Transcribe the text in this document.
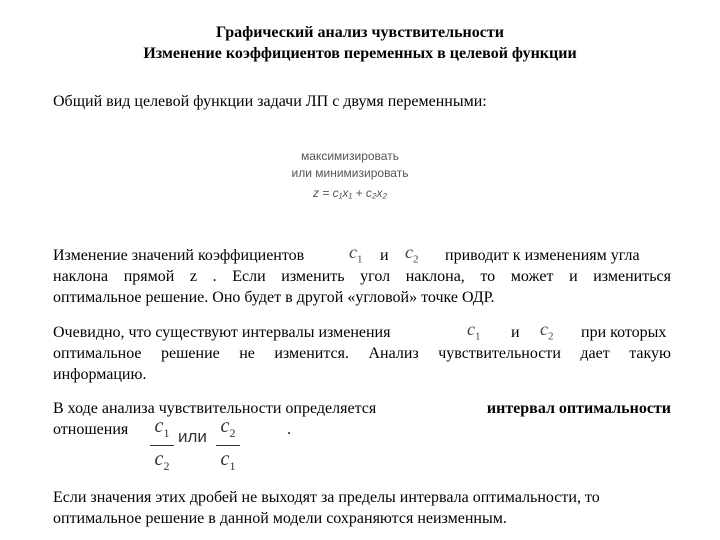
Графический анализ чувствительности
Изменение коэффициентов переменных в целевой функции
Общий вид целевой функции задачи ЛП с двумя переменными:
максимизировать
или минимизировать
z = c₁x₁ + c₂x₂
Изменение значений коэффициентов $c_1$ и $c_2$ приводит к изменениям угла
наклона прямой z . Если изменить угол наклона, то может и измениться
оптимальное решение. Оно будет в другой «угловой» точке ОДР.
Очевидно, что существуют интервалы изменения	$c_1$ и $c_2$ при которых
оптимальное решение не изменится. Анализ чувствительности дает такую
информацию.
В ходе анализа чувствительности определяется	интервал оптимальности
отношения	$\frac{c_1}{c_2}$ или $\frac{c_2}{c_1}$	.
Если значения этих дробей не выходят за пределы интервала оптимальности, то
оптимальное решение в данной модели сохраняются неизменным.
